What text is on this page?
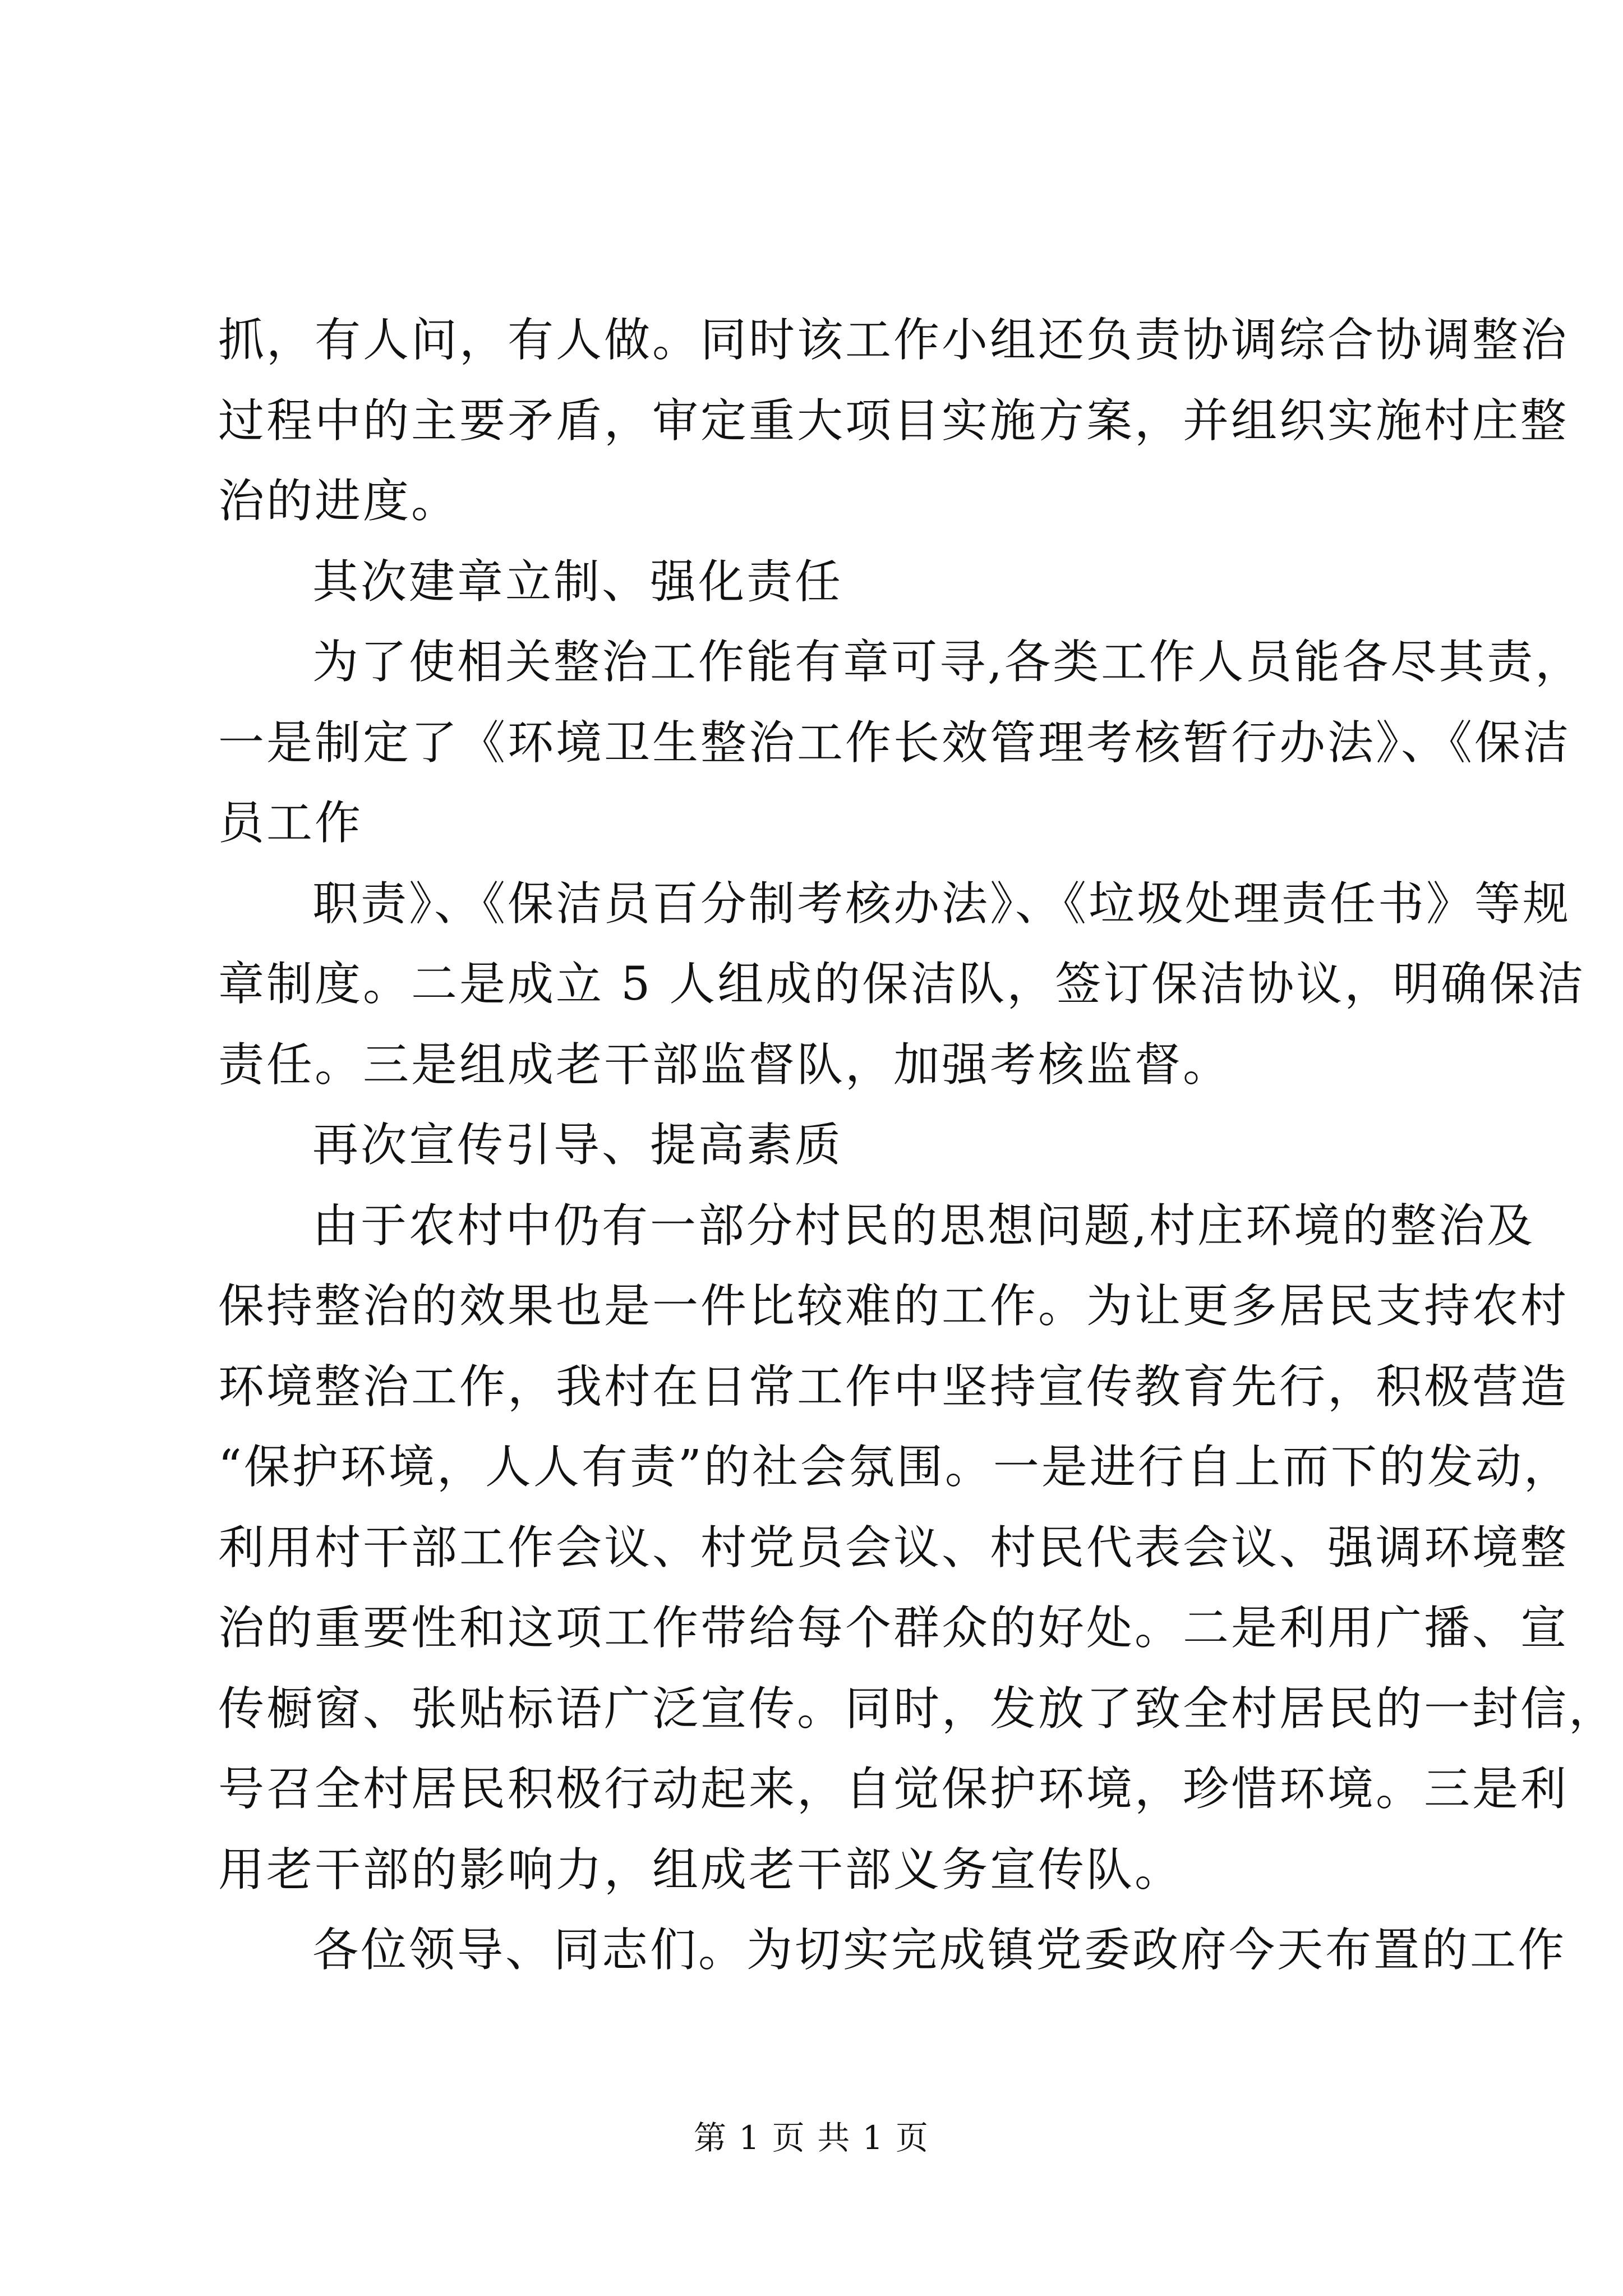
抓，有人问，有人做。同时该工作小组还负责协调综合协调整治
过程中的主要矛盾，审定重大项目实施方案，并组织实施村庄整
治的进度。
其次建章立制、强化责任
为了使相关整治工作能有章可寻,各类工作人员能各尽其责，
一是制定了《环境卫生整治工作长效管理考核暂行办法》、《保洁
员工作
职责》、《保洁员百分制考核办法》、《垃圾处理责任书》等规
章制度。二是成立 5 人组成的保洁队，签订保洁协议，明确保洁
责任。三是组成老干部监督队，加强考核监督。
再次宣传引导、提高素质
由于农村中仍有一部分村民的思想问题,村庄环境的整治及
保持整治的效果也是一件比较难的工作。为让更多居民支持农村
环境整治工作，我村在日常工作中坚持宣传教育先行，积极营造
“保护环境，人人有责”的社会氛围。一是进行自上而下的发动，
利用村干部工作会议、村党员会议、村民代表会议、强调环境整
治的重要性和这项工作带给每个群众的好处。二是利用广播、宣
传橱窗、张贴标语广泛宣传。同时，发放了致全村居民的一封信，
号召全村居民积极行动起来，自觉保护环境，珍惜环境。三是利
用老干部的影响力，组成老干部义务宣传队。
各位领导、同志们。为切实完成镇党委政府今天布置的工作
第 1 页 共 1 页
